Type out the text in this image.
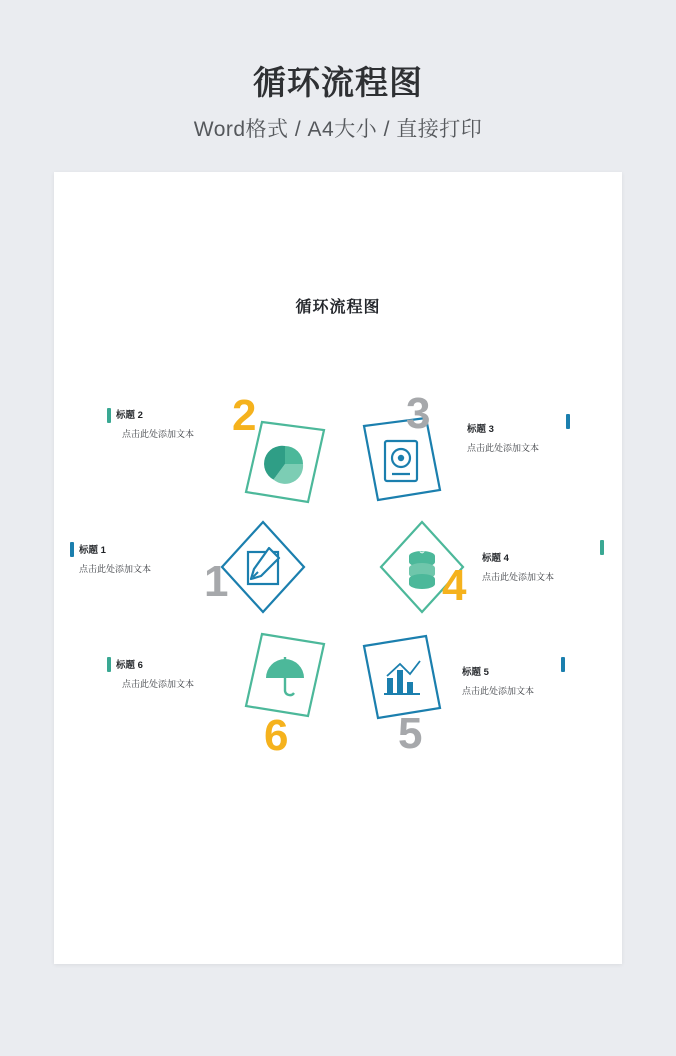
循环流程图
Word格式 / A4大小 / 直接打印
循环流程图
2
标题 2
点击此处添加文本	3	标题 3
点击此处添加文本
1
标题 1
点击此处添加文本
$
4
标题 4
点击此处添加文本
6
标题 6
点击此处添加文本
5
标题 5
点击此处添加文本
